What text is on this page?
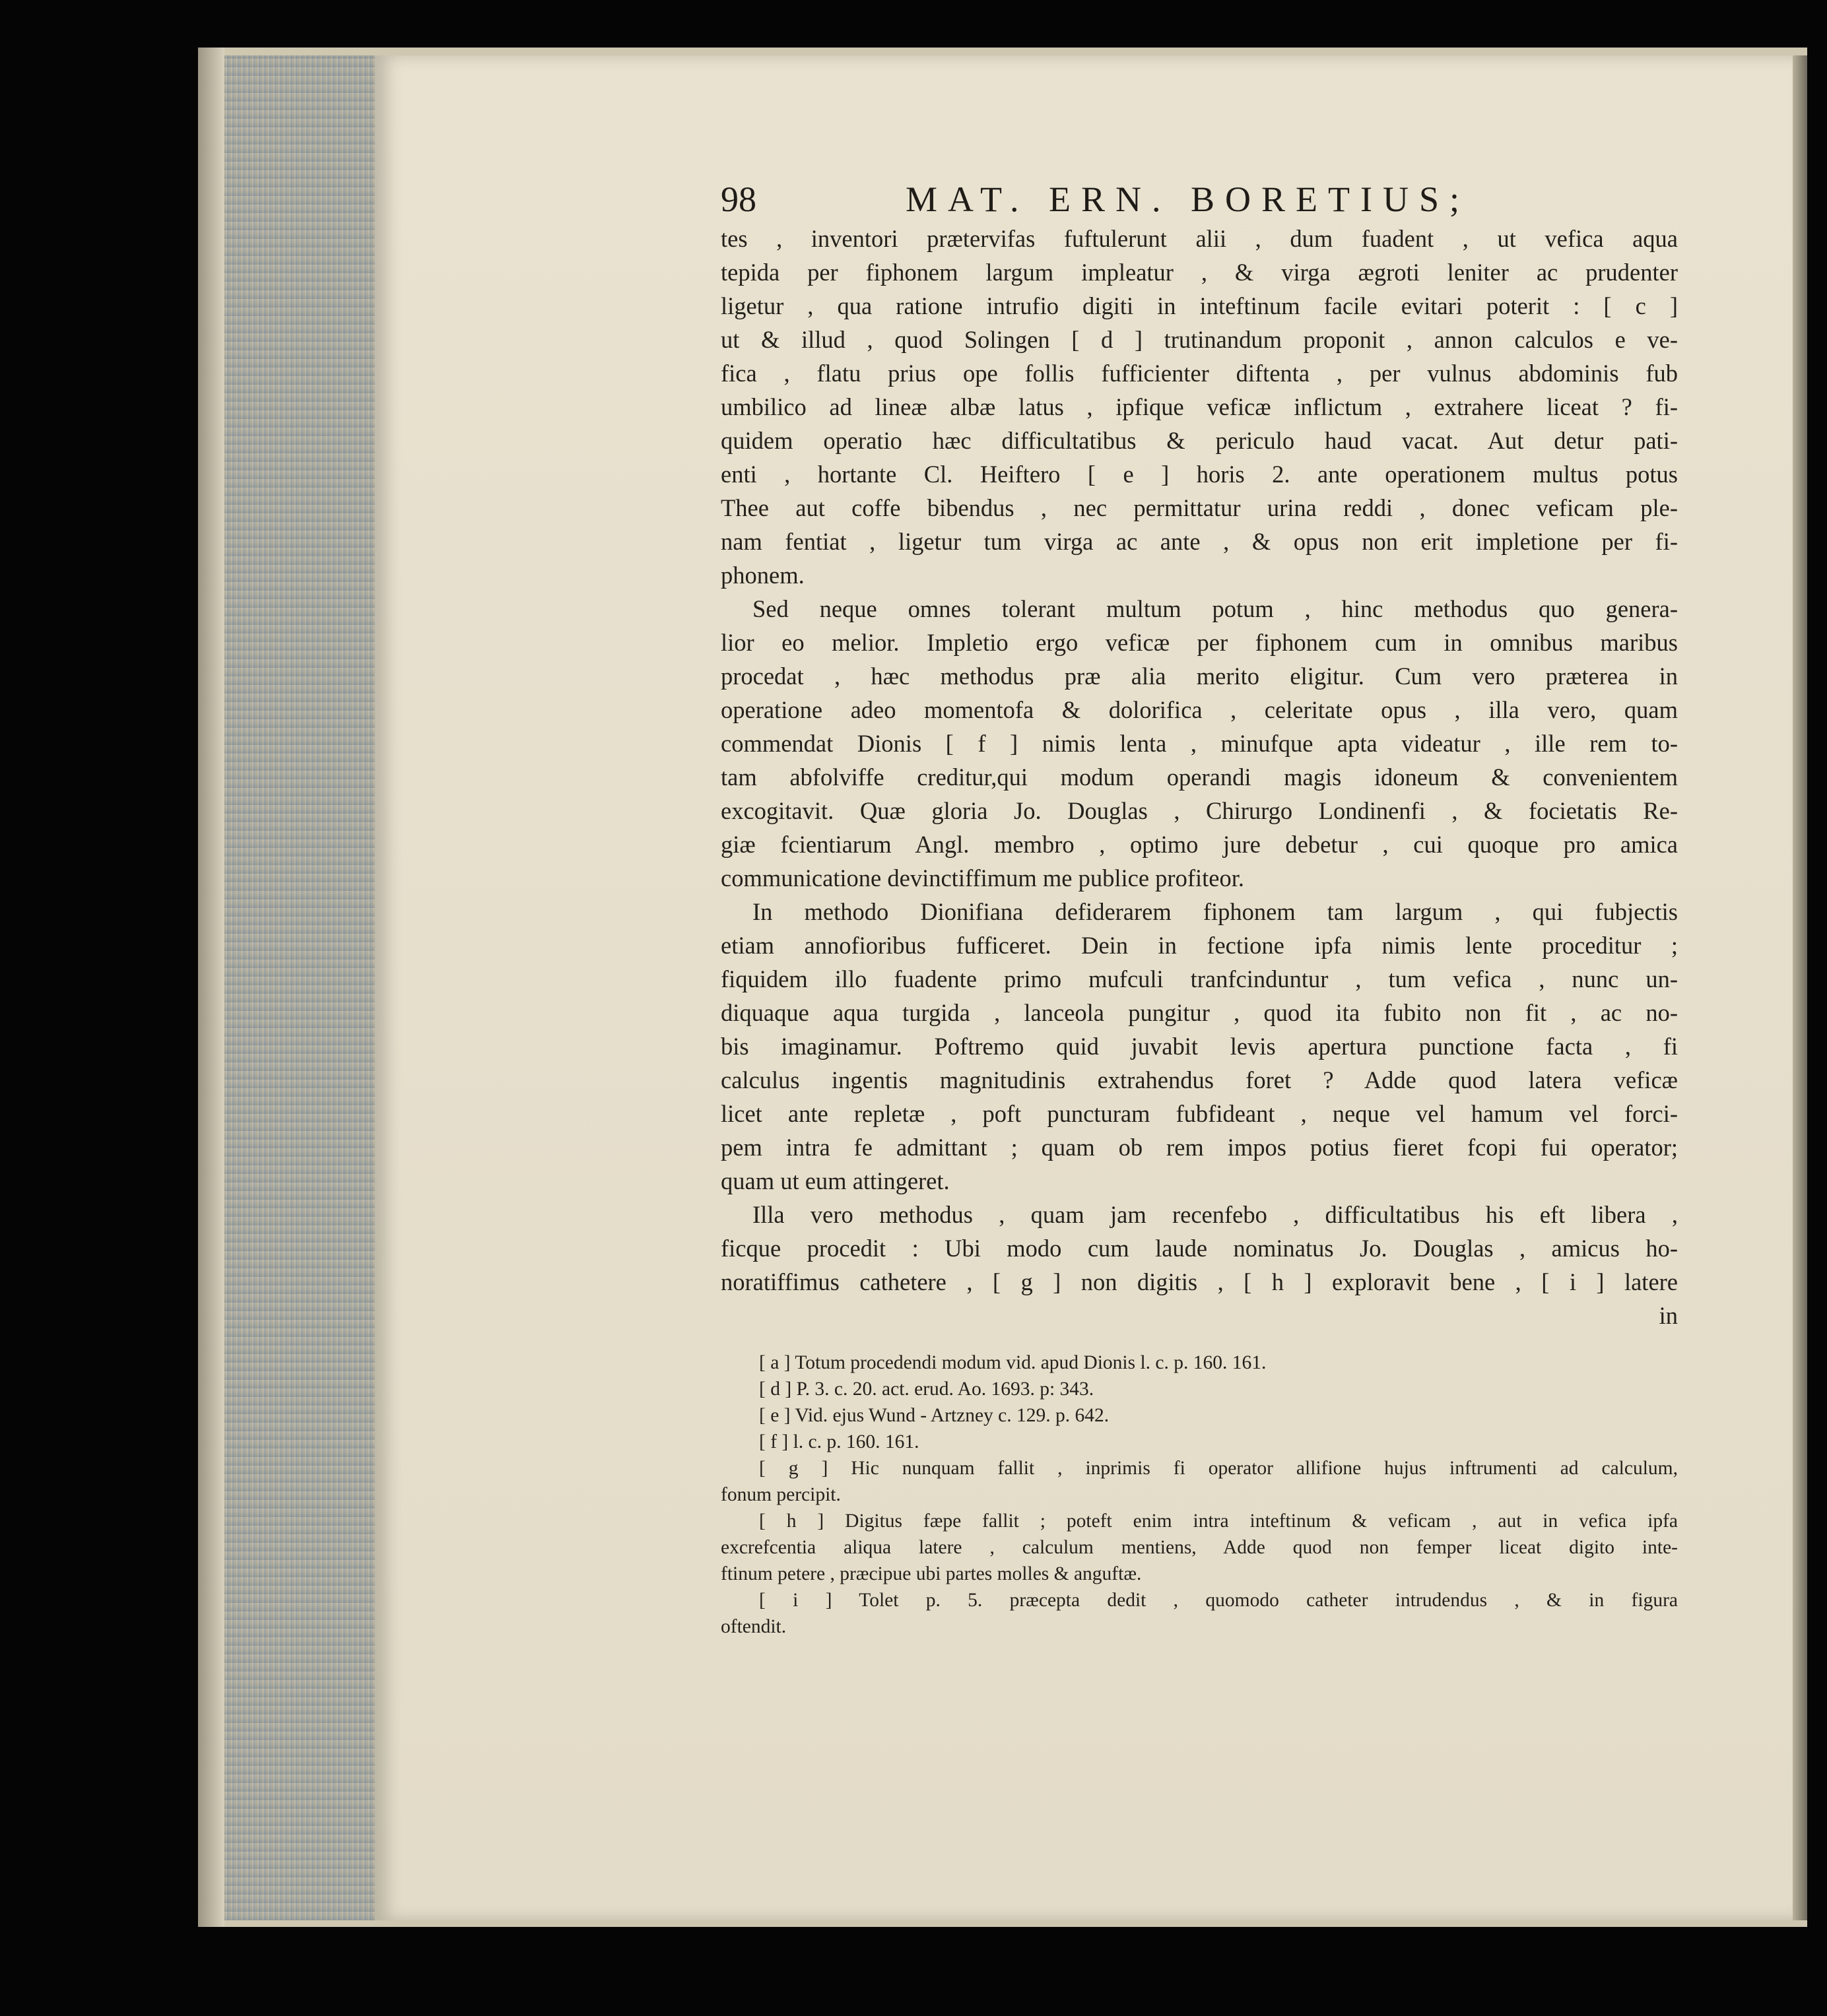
98	MAT. ERN. BORETIUS;
tes , inventori prætervifas fuftulerunt alii , dum fuadent , ut vefica aqua
tepida per fiphonem largum impleatur , & virga ægroti leniter ac prudenter
ligetur , qua ratione intrufio digiti in inteftinum facile evitari poterit : [ c ]
ut & illud , quod Solingen [ d ] trutinandum proponit , annon calculos e ve-
fica , flatu prius ope follis fufficienter diftenta , per vulnus abdominis fub
umbilico ad lineæ albæ latus , ipfique veficæ inflictum , extrahere liceat ? fi-
quidem operatio hæc difficultatibus & periculo haud vacat. Aut detur pati-
enti , hortante Cl. Heiftero [ e ] horis 2. ante operationem multus potus
Thee aut coffe bibendus , nec permittatur urina reddi , donec veficam ple-
nam fentiat , ligetur tum virga ac ante , & opus non erit impletione per fi-
phonem.
Sed neque omnes tolerant multum potum , hinc methodus quo genera-
lior eo melior. Impletio ergo veficæ per fiphonem cum in omnibus maribus
procedat , hæc methodus præ alia merito eligitur. Cum vero præterea in
operatione adeo momentofa & dolorifica , celeritate opus , illa vero, quam
commendat Dionis [ f ] nimis lenta , minufque apta videatur , ille rem to-
tam abfolviffe creditur,qui modum operandi magis idoneum & convenientem
excogitavit. Quæ gloria Jo. Douglas , Chirurgo Londinenfi , & focietatis Re-
giæ fcientiarum Angl. membro , optimo jure debetur , cui quoque pro amica
communicatione devinctiffimum me publice profiteor.
In methodo Dionifiana defiderarem fiphonem tam largum , qui fubjectis
etiam annofioribus fufficeret. Dein in fectione ipfa nimis lente proceditur ;
fiquidem illo fuadente primo mufculi tranfcinduntur , tum vefica , nunc un-
diquaque aqua turgida , lanceola pungitur , quod ita fubito non fit , ac no-
bis imaginamur. Poftremo quid juvabit levis apertura punctione facta , fi
calculus ingentis magnitudinis extrahendus foret ? Adde quod latera veficæ
licet ante repletæ , poft puncturam fubfideant , neque vel hamum vel forci-
pem intra fe admittant ; quam ob rem impos potius fieret fcopi fui operator;
quam ut eum attingeret.
Illa vero methodus , quam jam recenfebo , difficultatibus his eft libera ,
ficque procedit : Ubi modo cum laude nominatus Jo. Douglas , amicus ho-
noratiffimus cathetere , [ g ] non digitis , [ h ] exploravit bene , [ i ] latere
in
[ a ] Totum procedendi modum vid. apud Dionis l. c. p. 160. 161.
[ d ] P. 3. c. 20. act. erud. Ao. 1693. p: 343.
[ e ] Vid. ejus Wund - Artzney c. 129. p. 642.
[ f ] l. c. p. 160. 161.
[ g ] Hic nunquam fallit , inprimis fi operator allifione hujus inftrumenti ad calculum,
fonum percipit.
[ h ] Digitus fæpe fallit ; poteft enim intra inteftinum & veficam , aut in vefica ipfa
excrefcentia aliqua latere , calculum mentiens, Adde quod non femper liceat digito inte-
ftinum petere , præcipue ubi partes molles & anguftæ.
[ i ] Tolet p. 5. præcepta dedit , quomodo catheter intrudendus , & in figura
oftendit.
